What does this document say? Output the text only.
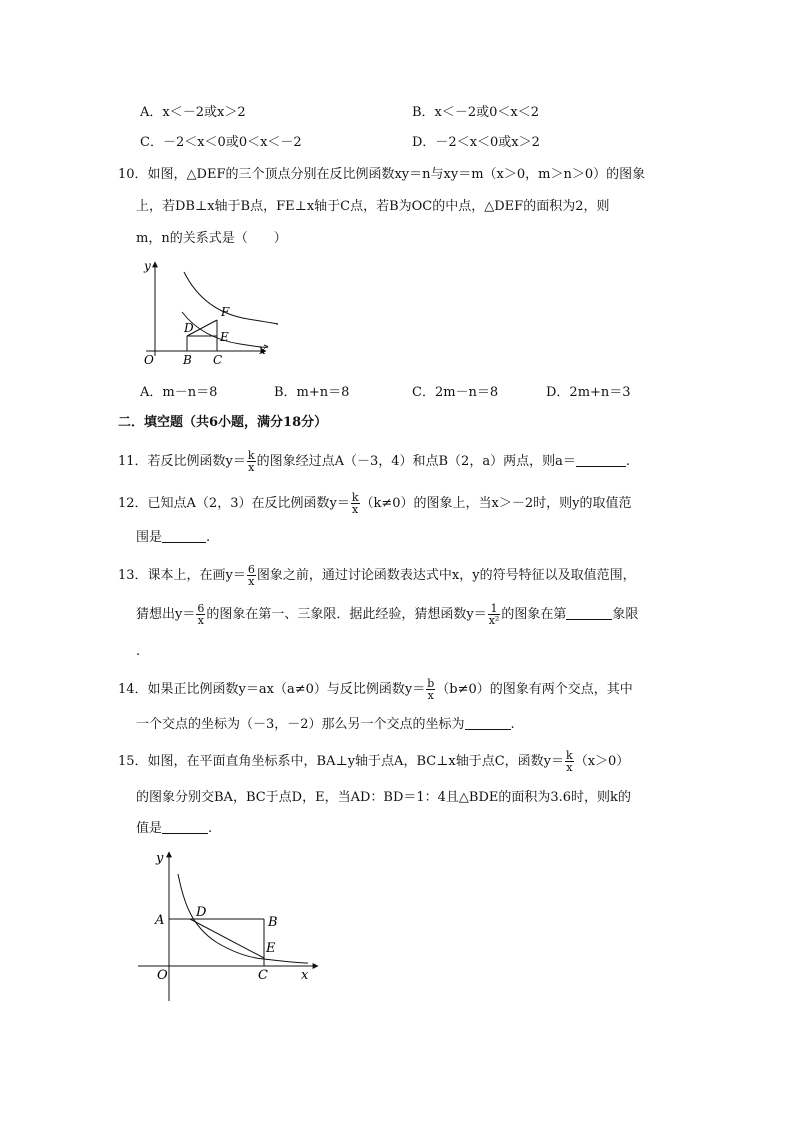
A．x＜－2或x＞2	B．x＜－2或0＜x＜2
C．－2＜x＜0或0＜x＜－2	D．－2＜x＜0或x＞2
10．如图，△DEF的三个顶点分别在反比例函数xy＝n与xy＝m（x＞0，m＞n＞0）的图象
上，若DB⊥x轴于B点，FE⊥x轴于C点，若B为OC的中点，△DEF的面积为2，则
m，n的关系式是（　　）
y
x
O B C
D
E
F
A．m－n＝8	B．m+n＝8	C．2m－n＝8	D．2m+n＝3
二．填空题（共6小题，满分18分）
11．若反比例函数$y= \frac{k}{x}$ 的图象经过点A（－3，4）和点B（2，a）两点，则a＝	.
12．已知点A（2，3）在反比例函数$y= \frac{k}{x} (k\ne 0)$的图象上，当x＞－2时，则y的取值范
围是	.
13．课本上，在画$y= \frac{6}{x}$ 图象之前，通过讨论函数表达式中x，y的符号特征以及取值范围，
猜想出$y= \frac{6}{x}$ 的图象在第一、三象限．据此经验，猜想函数$y= \frac{1}{\text{x²}}$ 的图象在第	象限
.
14．如果正比例函数y＝ax（a≠0）与反比例函数$y= \frac{b}{x} (b\ne 0)$的图象有两个交点，其中
一个交点的坐标为（－3，－2）那么另一个交点的坐标为	.
15．如图，在平面直角坐标系中，BA⊥y轴于点A，BC⊥x轴于点C，函数$y= \frac{k}{x} (x>0)$
的图象分别交BA，BC于点D，E，当AD：BD＝1：4且△BDE的面积为3.6时，则k的
值是	.
y
x
O
A	B
C
D
E
